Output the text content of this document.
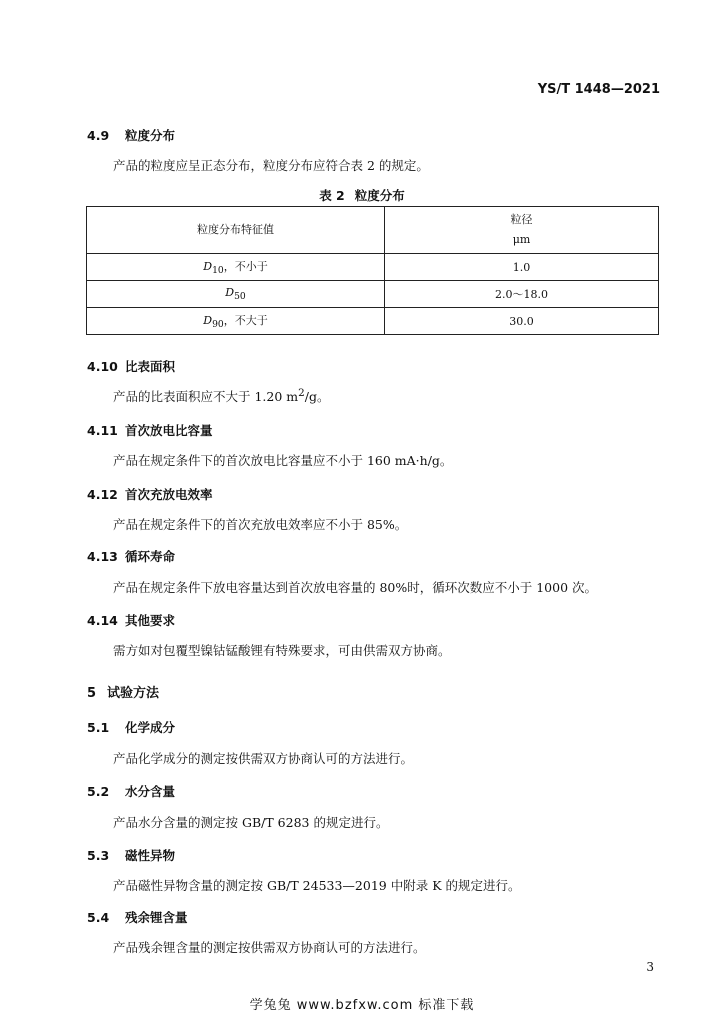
YS/T 1448—2021
4.9 粒度分布
产品的粒度应呈正态分布，粒度分布应符合表 2 的规定。
表 2 粒度分布
粒度分布特征值	粒径
μm

$D_{10}$，不小于	1.0
$D_{50}$	2.0～18.0
$D_{90}$，不大于	30.0
4.10 比表面积
产品的比表面积应不大于 1.20 $m^2/g$。
4.11 首次放电比容量
产品在规定条件下的首次放电比容量应不小于 160 mA·h/g。
4.12 首次充放电效率
产品在规定条件下的首次充放电效率应不小于 85%。
4.13 循环寿命
产品在规定条件下放电容量达到首次放电容量的 80%时，循环次数应不小于 1000 次。
4.14 其他要求
需方如对包覆型镍钴锰酸锂有特殊要求，可由供需双方协商。
5 试验方法
5.1 化学成分
产品化学成分的测定按供需双方协商认可的方法进行。
5.2 水分含量
产品水分含量的测定按 GB/T 6283 的规定进行。
5.3 磁性异物
产品磁性异物含量的测定按 GB/T 24533—2019 中附录 K 的规定进行。
5.4 残余锂含量
产品残余锂含量的测定按供需双方协商认可的方法进行。
3
学兔兔 www.bzfxw.com 标准下载
